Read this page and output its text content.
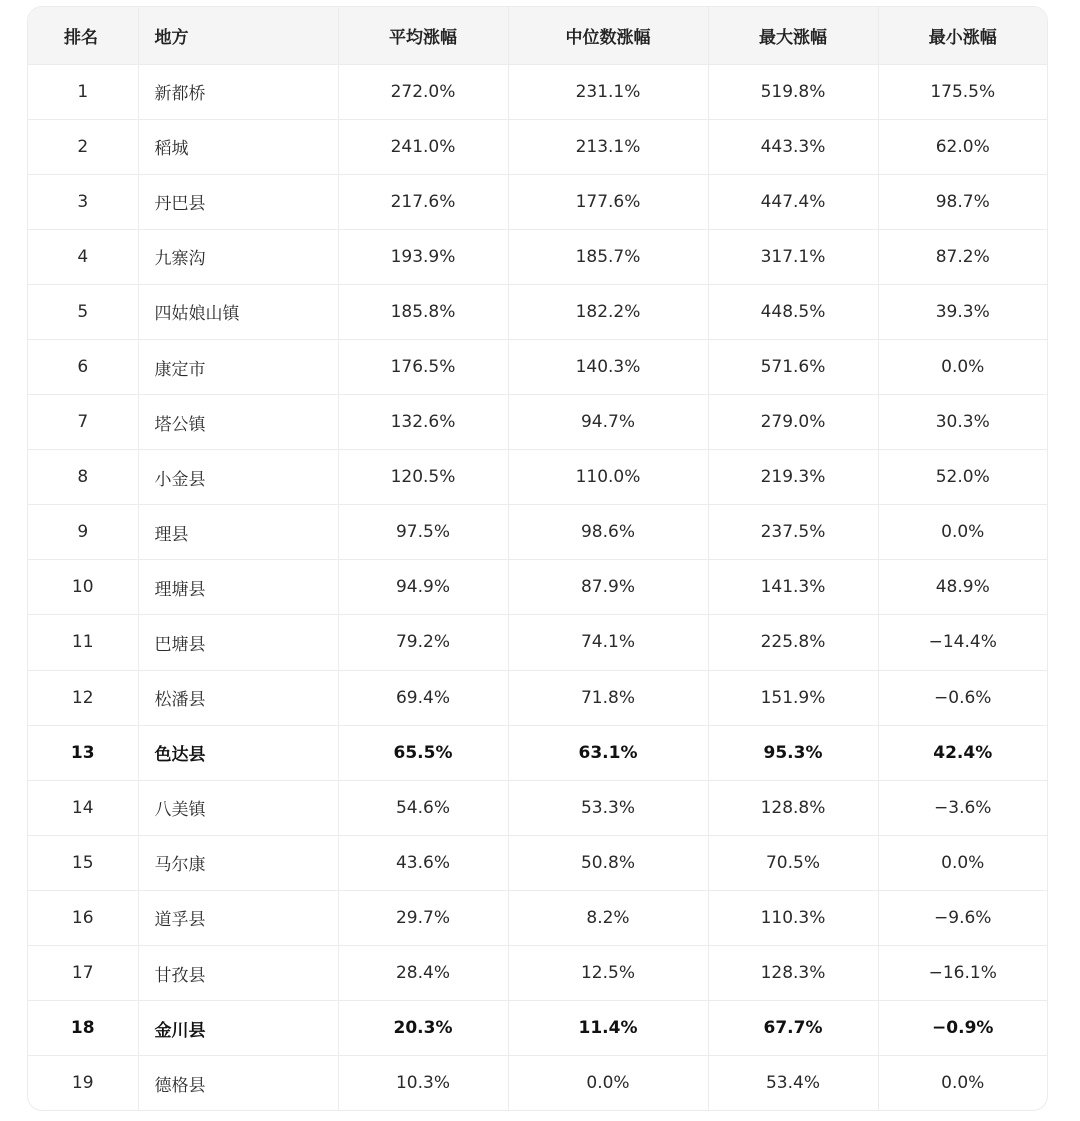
排名	地方	平均涨幅	中位数涨幅	最大涨幅	最小涨幅
1	新都桥	272.0%	231.1%	519.8%	175.5%
2	稻城	241.0%	213.1%	443.3%	62.0%
3	丹巴县	217.6%	177.6%	447.4%	98.7%
4	九寨沟	193.9%	185.7%	317.1%	87.2%
5	四姑娘山镇	185.8%	182.2%	448.5%	39.3%
6	康定市	176.5%	140.3%	571.6%	0.0%
7	塔公镇	132.6%	94.7%	279.0%	30.3%
8	小金县	120.5%	110.0%	219.3%	52.0%
9	理县	97.5%	98.6%	237.5%	0.0%
10	理塘县	94.9%	87.9%	141.3%	48.9%
11	巴塘县	79.2%	74.1%	225.8%	−14.4%
12	松潘县	69.4%	71.8%	151.9%	−0.6%
13	色达县	65.5%	63.1%	95.3%	42.4%
14	八美镇	54.6%	53.3%	128.8%	−3.6%
15	马尔康	43.6%	50.8%	70.5%	0.0%
16	道孚县	29.7%	8.2%	110.3%	−9.6%
17	甘孜县	28.4%	12.5%	128.3%	−16.1%
18	金川县	20.3%	11.4%	67.7%	−0.9%
19	德格县	10.3%	0.0%	53.4%	0.0%
